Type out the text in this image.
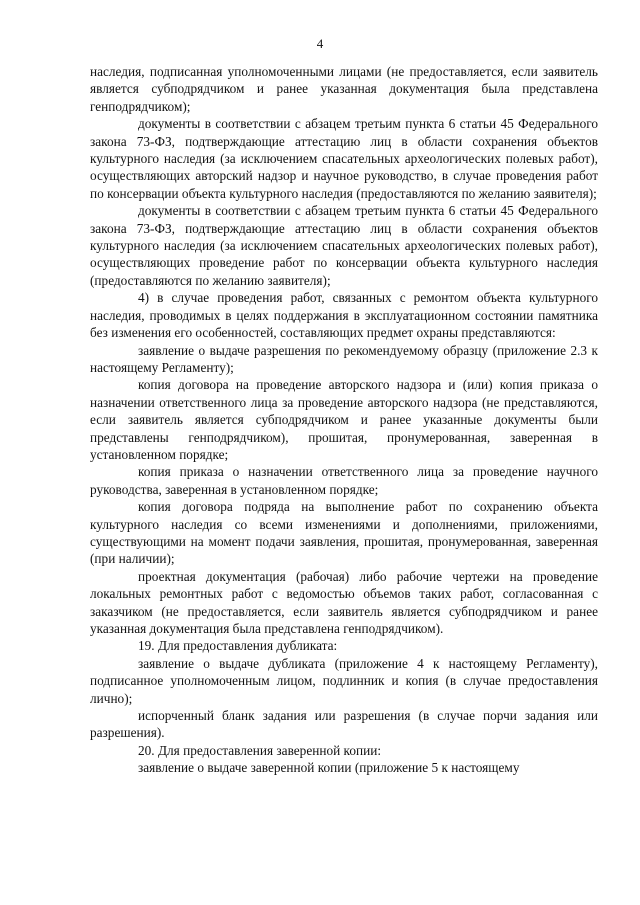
4

наследия, подписанная уполномоченными лицами (не предоставляется, если заявитель является субподрядчиком и ранее указанная документация была представлена генподрядчиком);

документы в соответствии с абзацем третьим пункта 6 статьи 45 Федерального закона 73-ФЗ, подтверждающие аттестацию лиц в области сохранения объектов культурного наследия (за исключением спасательных археологических полевых работ), осуществляющих авторский надзор и научное руководство, в случае проведения работ по консервации объекта культурного наследия (предоставляются по желанию заявителя);

документы в соответствии с абзацем третьим пункта 6 статьи 45 Федерального закона 73-ФЗ, подтверждающие аттестацию лиц в области сохранения объектов культурного наследия (за исключением спасательных археологических полевых работ), осуществляющих проведение работ по консервации объекта культурного наследия (предоставляются по желанию заявителя);

4) в случае проведения работ, связанных с ремонтом объекта культурного наследия, проводимых в целях поддержания в эксплуатационном состоянии памятника без изменения его особенностей, составляющих предмет охраны представляются:

заявление о выдаче разрешения по рекомендуемому образцу (приложение 2.3 к настоящему Регламенту);

копия договора на проведение авторского надзора и (или) копия приказа о назначении ответственного лица за проведение авторского надзора (не представляются, если заявитель является субподрядчиком и ранее указанные документы были представлены генподрядчиком), прошитая, пронумерованная, заверенная в установленном порядке;

копия приказа о назначении ответственного лица за проведение научного руководства, заверенная в установленном порядке;

копия договора подряда на выполнение работ по сохранению объекта культурного наследия со всеми изменениями и дополнениями, приложениями, существующими на момент подачи заявления, прошитая, пронумерованная, заверенная (при наличии);

проектная документация (рабочая) либо рабочие чертежи на проведение локальных ремонтных работ с ведомостью объемов таких работ, согласованная с заказчиком (не предоставляется, если заявитель является субподрядчиком и ранее указанная документация была представлена генподрядчиком).

19. Для предоставления дубликата:

заявление о выдаче дубликата (приложение 4 к настоящему Регламенту), подписанное уполномоченным лицом, подлинник и копия (в случае предоставления лично);

испорченный бланк задания или разрешения (в случае порчи задания или разрешения).

20. Для предоставления заверенной копии:

заявление о выдаче заверенной копии (приложение 5 к настоящему
